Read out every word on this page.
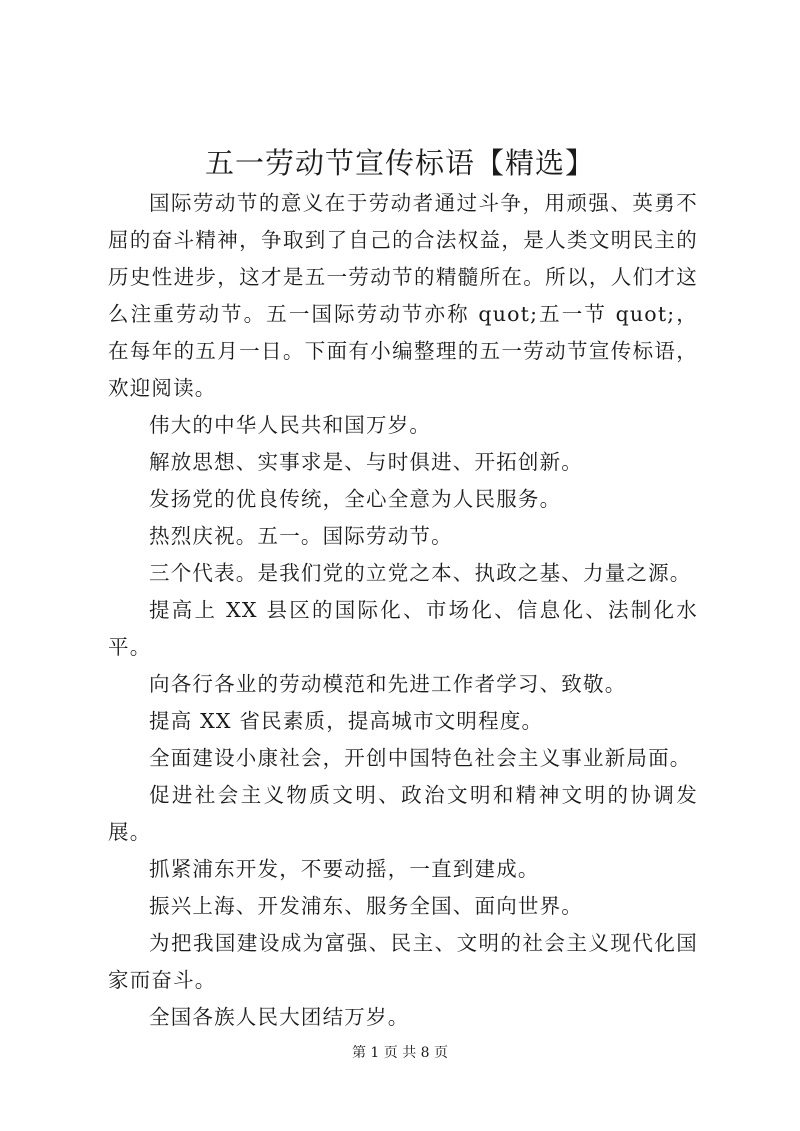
五一劳动节宣传标语【精选】

国际劳动节的意义在于劳动者通过斗争，用顽强、英勇不屈的奋斗精神，争取到了自己的合法权益，是人类文明民主的历史性进步，这才是五一劳动节的精髓所在。所以，人们才这么注重劳动节。五一国际劳动节亦称 quot;五一节 quot;，在每年的五月一日。下面有小编整理的五一劳动节宣传标语，欢迎阅读。

伟大的中华人民共和国万岁。

解放思想、实事求是、与时俱进、开拓创新。

发扬党的优良传统，全心全意为人民服务。

热烈庆祝。五一。国际劳动节。

三个代表。是我们党的立党之本、执政之基、力量之源。

提高上 XX 县区的国际化、市场化、信息化、法制化水平。

向各行各业的劳动模范和先进工作者学习、致敬。

提高 XX 省民素质，提高城市文明程度。

全面建设小康社会，开创中国特色社会主义事业新局面。

促进社会主义物质文明、政治文明和精神文明的协调发展。

抓紧浦东开发，不要动摇，一直到建成。

振兴上海、开发浦东、服务全国、面向世界。

为把我国建设成为富强、民主、文明的社会主义现代化国家而奋斗。

全国各族人民大团结万岁。

第 1 页 共 8 页
